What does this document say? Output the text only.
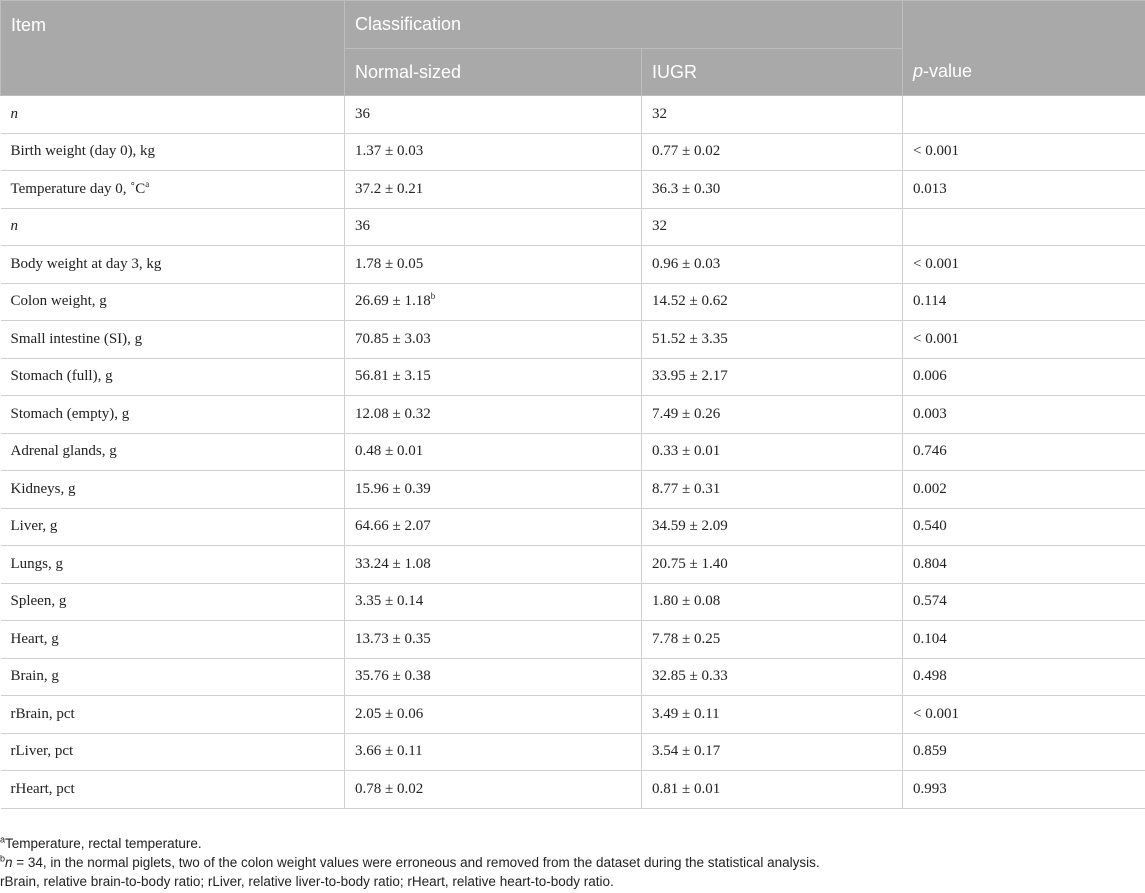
Item	Classification		p-value
	Normal-sized	IUGR	
n	36	32	
Birth weight (day 0), kg	1.37 ± 0.03	0.77 ± 0.02	< 0.001
Temperature day 0, $˚C^a$	37.2 ± 0.21	36.3 ± 0.30	0.013
n	36	32	
Body weight at day 3, kg	1.78 ± 0.05	0.96 ± 0.03	< 0.001
Colon weight, g	26.69 ± 1.18$^b$	14.52 ± 0.62	0.114
Small intestine (SI), g	70.85 ± 3.03	51.52 ± 3.35	< 0.001
Stomach (full), g	56.81 ± 3.15	33.95 ± 2.17	0.006
Stomach (empty), g	12.08 ± 0.32	7.49 ± 0.26	0.003
Adrenal glands, g	0.48 ± 0.01	0.33 ± 0.01	0.746
Kidneys, g	15.96 ± 0.39	8.77 ± 0.31	0.002
Liver, g	64.66 ± 2.07	34.59 ± 2.09	0.540
Lungs, g	33.24 ± 1.08	20.75 ± 1.40	0.804
Spleen, g	3.35 ± 0.14	1.80 ± 0.08	0.574
Heart, g	13.73 ± 0.35	7.78 ± 0.25	0.104
Brain, g	35.76 ± 0.38	32.85 ± 0.33	0.498
rBrain, pct	2.05 ± 0.06	3.49 ± 0.11	< 0.001
rLiver, pct	3.66 ± 0.11	3.54 ± 0.17	0.859
rHeart, pct	0.78 ± 0.02	0.81 ± 0.01	0.993
$^a$Temperature, rectal temperature.
$^b$n = 34, in the normal piglets, two of the colon weight values were erroneous and removed from the dataset during the statistical analysis.
rBrain, relative brain-to-body ratio; rLiver, relative liver-to-body ratio; rHeart, relative heart-to-body ratio.
